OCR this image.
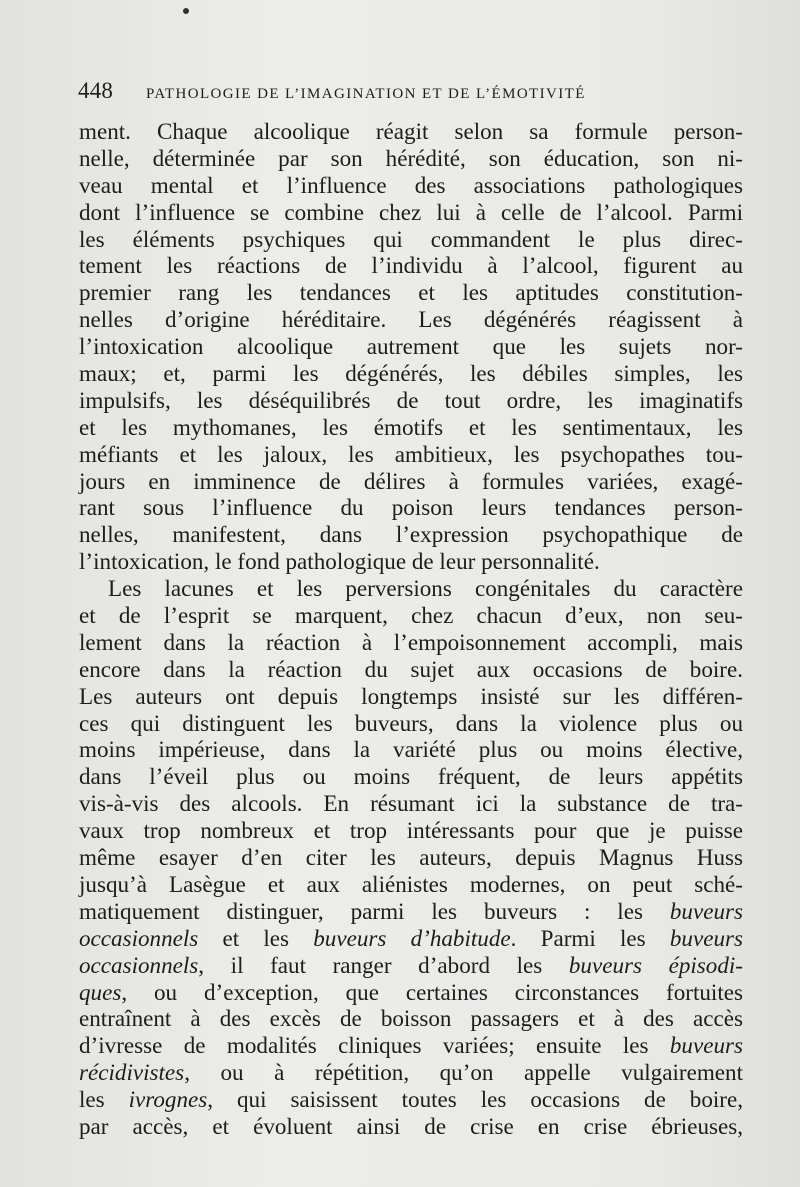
448	PATHOLOGIE DE L’IMAGINATION ET DE L’ÉMOTIVITÉ
ment. Chaque alcoolique réagit selon sa formule person-
nelle, déterminée par son hérédité, son éducation, son ni-
veau mental et l’influence des associations pathologiques
dont l’influence se combine chez lui à celle de l’alcool. Parmi
les éléments psychiques qui commandent le plus direc-
tement les réactions de l’individu à l’alcool, figurent au
premier rang les tendances et les aptitudes constitution-
nelles d’origine héréditaire. Les dégénérés réagissent à
l’intoxication alcoolique autrement que les sujets nor-
maux; et, parmi les dégénérés, les débiles simples, les
impulsifs, les déséquilibrés de tout ordre, les imaginatifs
et les mythomanes, les émotifs et les sentimentaux, les
méfiants et les jaloux, les ambitieux, les psychopathes tou-
jours en imminence de délires à formules variées, exagé-
rant sous l’influence du poison leurs tendances person-
nelles, manifestent, dans l’expression psychopathique de
l’intoxication, le fond pathologique de leur personnalité.
Les lacunes et les perversions congénitales du caractère
et de l’esprit se marquent, chez chacun d’eux, non seu-
lement dans la réaction à l’empoisonnement accompli, mais
encore dans la réaction du sujet aux occasions de boire.
Les auteurs ont depuis longtemps insisté sur les différen-
ces qui distinguent les buveurs, dans la violence plus ou
moins impérieuse, dans la variété plus ou moins élective,
dans l’éveil plus ou moins fréquent, de leurs appétits
vis-à-vis des alcools. En résumant ici la substance de tra-
vaux trop nombreux et trop intéressants pour que je puisse
même esayer d’en citer les auteurs, depuis Magnus Huss
jusqu’à Lasègue et aux aliénistes modernes, on peut sché-
matiquement distinguer, parmi les buveurs : les buveurs
occasionnels et les buveurs d’habitude. Parmi les buveurs
occasionnels, il faut ranger d’abord les buveurs épisodi-
ques, ou d’exception, que certaines circonstances fortuites
entraînent à des excès de boisson passagers et à des accès
d’ivresse de modalités cliniques variées; ensuite les buveurs
récidivistes, ou à répétition, qu’on appelle vulgairement
les ivrognes, qui saisissent toutes les occasions de boire,
par accès, et évoluent ainsi de crise en crise ébrieuses,
